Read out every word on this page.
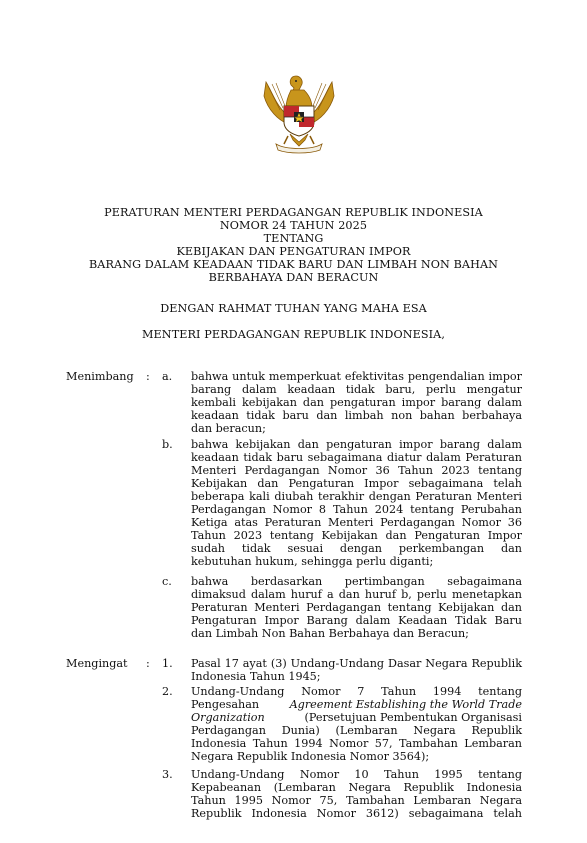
PERATURAN MENTERI PERDAGANGAN REPUBLIK INDONESIA
NOMOR 24 TAHUN 2025
TENTANG
KEBIJAKAN DAN PENGATURAN IMPOR
BARANG DALAM KEADAAN TIDAK BARU DAN LIMBAH NON BAHAN
BERBAHAYA DAN BERACUN
DENGAN RAHMAT TUHAN YANG MAHA ESA
MENTERI PERDAGANGAN REPUBLIK INDONESIA,
Menimbang : a. bahwa untuk memperkuat efektivitas pengendalian impor
barang dalam keadaan tidak baru, perlu mengatur
kembali kebijakan dan pengaturan impor barang dalam
keadaan tidak baru dan limbah non bahan berbahaya
dan beracun;
b. bahwa kebijakan dan pengaturan impor barang dalam
keadaan tidak baru sebagaimana diatur dalam Peraturan
Menteri Perdagangan Nomor 36 Tahun 2023 tentang
Kebijakan dan Pengaturan Impor sebagaimana telah
beberapa kali diubah terakhir dengan Peraturan Menteri
Perdagangan Nomor 8 Tahun 2024 tentang Perubahan
Ketiga atas Peraturan Menteri Perdagangan Nomor 36
Tahun 2023 tentang Kebijakan dan Pengaturan Impor
sudah tidak sesuai dengan perkembangan dan
kebutuhan hukum, sehingga perlu diganti;
c. bahwa berdasarkan pertimbangan sebagaimana
dimaksud dalam huruf a dan huruf b, perlu menetapkan
Peraturan Menteri Perdagangan tentang Kebijakan dan
Pengaturan Impor Barang dalam Keadaan Tidak Baru
dan Limbah Non Bahan Berbahaya dan Beracun;
Mengingat : 1. Pasal 17 ayat (3) Undang-Undang Dasar Negara Republik
Indonesia Tahun 1945;
2. Undang-Undang Nomor 7 Tahun 1994 tentang
Pengesahan	Agreement Establishing the World Trade
Organization	(Persetujuan Pembentukan Organisasi
Perdagangan Dunia) (Lembaran Negara Republik
Indonesia Tahun 1994 Nomor 57, Tambahan Lembaran
Negara Republik Indonesia Nomor 3564);
3. Undang-Undang Nomor 10 Tahun 1995 tentang
Kepabeanan (Lembaran Negara Republik Indonesia
Tahun 1995 Nomor 75, Tambahan Lembaran Negara
Republik Indonesia Nomor 3612) sebagaimana telah
